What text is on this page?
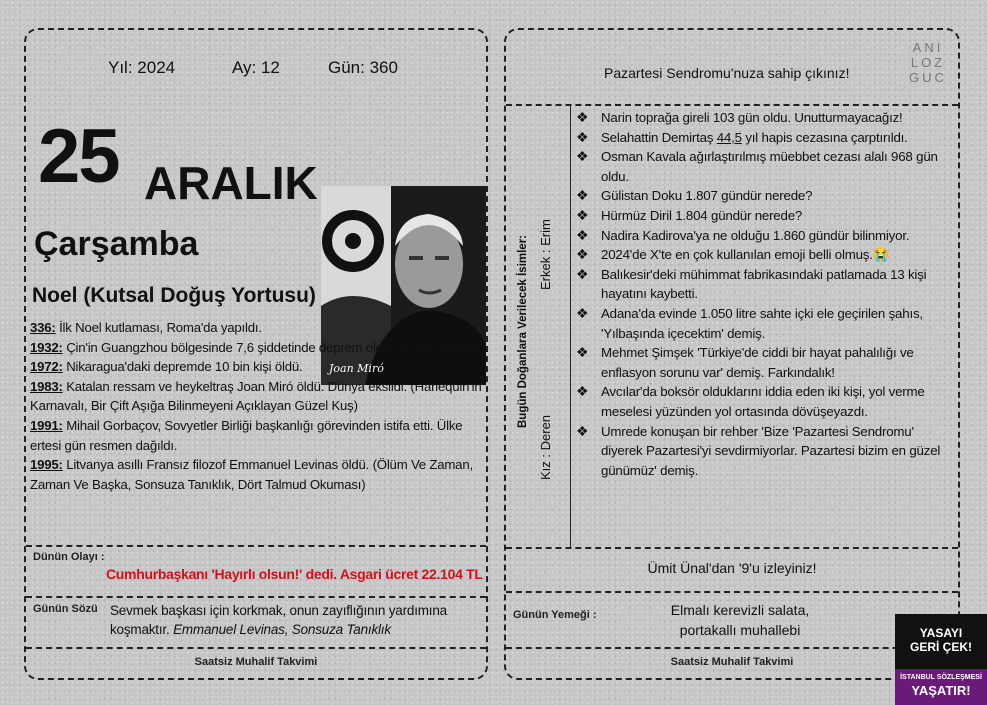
Yıl: 2024	Ay: 12	Gün: 360
25 ARALIK
Çarşamba
Noel (Kutsal Doğuş Yortusu)
Joan Miró

336: İlk Noel kutlaması, Roma'da yapıldı.

1932: Çin'in Guangzhou bölgesinde 7,6 şiddetinde deprem oldu. 70.000 kişi öldü.

1972: Nikaragua'daki depremde 10 bin kişi öldü.

1983: Katalan ressam ve heykeltraş Joan Miró öldü. Dünya eksildi. (Harlequin'in Karnavalı, Bir Çift Aşığa Bilinmeyeni Açıklayan Güzel Kuş)

1991: Mihail Gorbaçov, Sovyetler Birliği başkanlığı görevinden istifa etti. Ülke ertesi gün resmen dağıldı.

1995: Litvanya asıllı Fransız filozof Emmanuel Levinas öldü. (Ölüm Ve Zaman, Zaman Ve Başka, Sonsuza Tanıklık, Dört Talmud Okuması)

Dünün Olayı :
Cumhurbaşkanı 'Hayırlı olsun!' dedi. Asgari ücret 22.104 TL
Günün Sözü Sevmek başkası için korkmak, onun zayıflığının yardımına koşmaktır. Emmanuel Levinas, Sonsuza Tanıklık
Saatsiz Muhalif Takvimi
Pazartesi Sendromu'nuza sahip çıkınız!
ANI
LOZ
GUC
Bugün Doğanlara Verilecek İsimler: Erkek : Erim
Kız : Deren
❖ Narin toprağa gireli 103 gün oldu. Unutturmayacağız!
❖ Selahattin Demirtaş 44,5 yıl hapis cezasına çarptırıldı.
❖ Osman Kavala ağırlaştırılmış müebbet cezası alalı 968 gün oldu.
❖ Gülistan Doku 1.807 gündür nerede?
❖ Hürmüz Diril 1.804 gündür nerede?
❖ Nadira Kadirova'ya ne olduğu 1.860 gündür bilinmiyor.
❖ 2024'de X'te en çok kullanılan emoji belli olmuş.😭
❖ Balıkesir'deki mühimmat fabrikasındaki patlamada 13 kişi hayatını kaybetti.
❖ Adana'da evinde 1.050 litre sahte içki ele geçirilen şahıs, 'Yılbaşında içecektim' demiş.
❖ Mehmet Şimşek 'Türkiye'de ciddi bir hayat pahalılığı ve enflasyon sorunu var' demiş. Farkındalık!
❖ Avcılar'da boksör olduklarını iddia eden iki kişi, yol verme meselesi yüzünden yol ortasında dövüşeyazdı.
❖ Umrede konuşan bir rehber 'Bize 'Pazartesi Sendromu' diyerek Pazartesi'yi sevdirmiyorlar. Pazartesi bizim en güzel günümüz' demiş.
Ümit Ünal'dan '9'u izleyiniz!
Günün Yemeği :	Elmalı kerevizli salata,
portakallı muhallebi
Saatsiz Muhalif Takvimi
YASAYI
GERİ ÇEK!
İSTANBUL SÖZLEŞMESİ
YAŞATIR!
